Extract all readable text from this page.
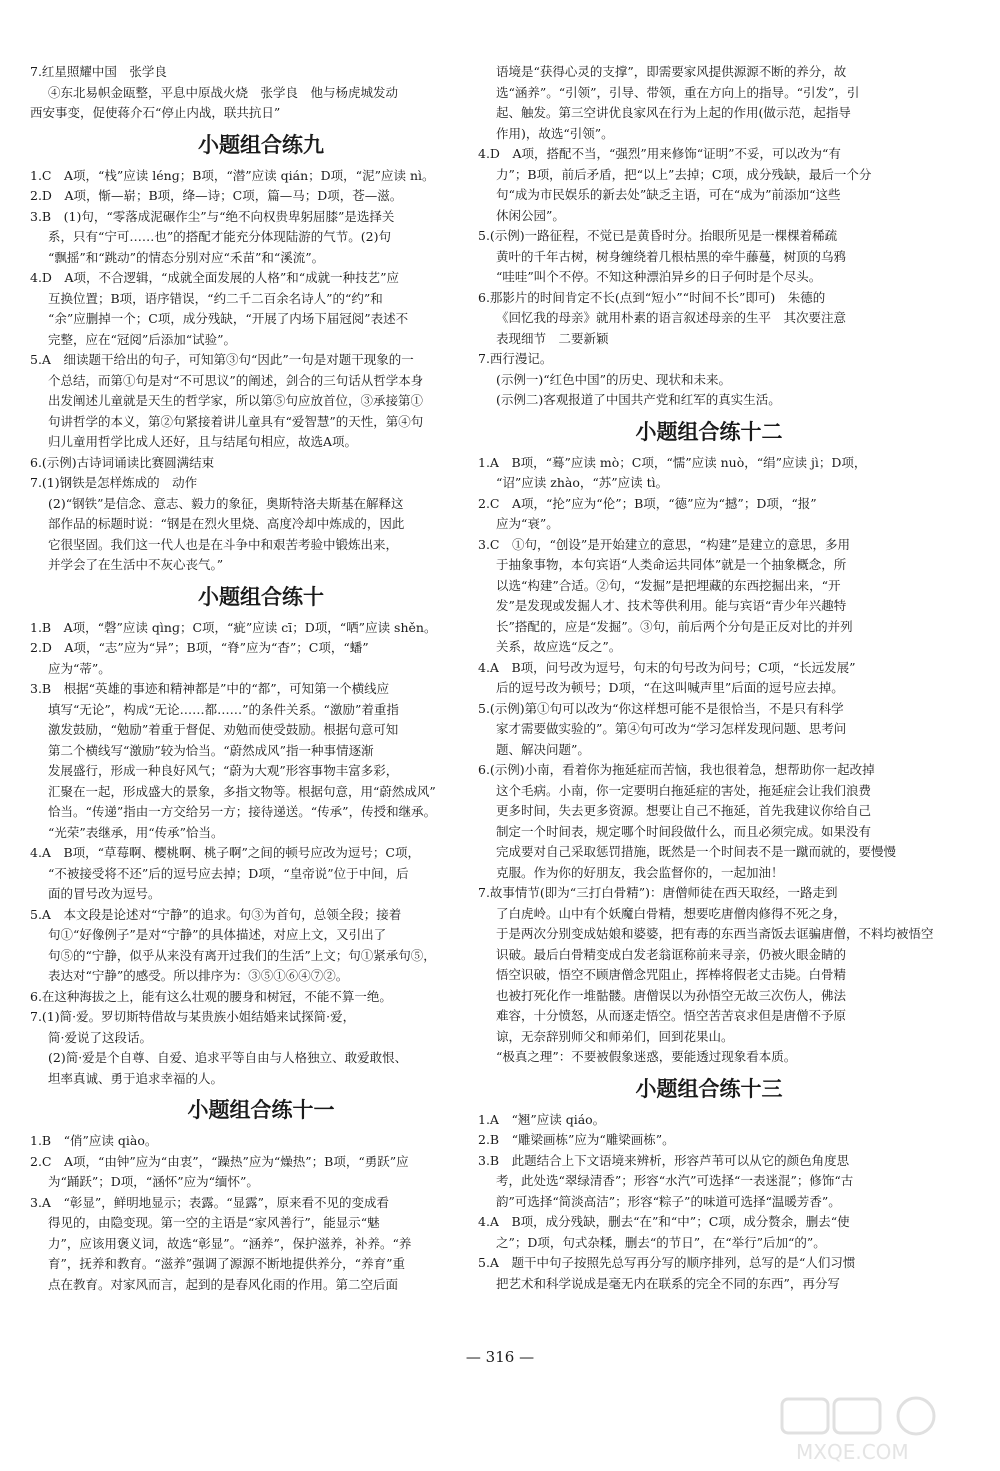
7.红星照耀中国　张学良
④东北易帜金瓯整，平息中原战火烧　张学良　他与杨虎城发动
西安事变，促使蒋介石“停止内战，联共抗日”
小题组合练九
1.C　A项，“栈”应读 lénɡ；B项，“潜”应读 qián；D项，“泥”应读 nì。
2.D　A项，惭—崭；B项，绛—诗；C项，篇—马；D项，苍—滋。
3.B　(1)句，“零落成泥碾作尘”与“绝不向权贵卑躬屈膝”是选择关
系，只有“宁可……也”的搭配才能充分体现陆游的气节。(2)句
“飘摇”和“跳动”的情态分别对应“禾苗”和“溪流”。
4.D　A项，不合逻辑，“成就全面发展的人格”和“成就一种技艺”应
互换位置；B项，语序错误，“约二千二百余名诗人”的“约”和
“余”应删掉一个；C项，成分残缺，“开展了内场下届冠阅”表述不
完整，应在“冠阅”后添加“试验”。
5.A　细读题干给出的句子，可知第③句“因此”一句是对题干现象的一
个总结，而第①句是对“不可思议”的阐述，剑合的三句话从哲学本身
出发阐述儿童就是天生的哲学家，所以第⑤句应放首位，③承接第①
句讲哲学的本义，第②句紧接着讲儿童具有“爱智慧”的天性，第④句
归儿童用哲学比成人还好，且与结尾句相应，故选A项。
6.(示例)古诗词诵读比赛圆满结束
7.(1)钢铁是怎样炼成的　动作
(2)“钢铁”是信念、意志、毅力的象征，奥斯特洛夫斯基在解释这
部作品的标题时说：“钢是在烈火里烧、高度冷却中炼成的，因此
它很坚固。我们这一代人也是在斗争中和艰苦考验中锻炼出来，
并学会了在生活中不灰心丧气。”
小题组合练十
1.B　A项，“磬”应读 qìnɡ；C项，“疵”应读 cī；D项，“哂”应读 shěn。
2.D　A项，“志”应为“异”；B项，“脊”应为“杳”；C项，“蟠”
应为“蒂”。
3.B　根据“英雄的事迹和精神都是”中的“都”，可知第一个横线应
填写“无论”，构成“无论……都……”的条件关系。“激励”着重指
激发鼓励，“勉励”着重于督促、劝勉而使受鼓励。根据句意可知
第二个横线写“激励”较为恰当。“蔚然成风”指一种事情逐渐
发展盛行，形成一种良好风气；“蔚为大观”形容事物丰富多彩，
汇聚在一起，形成盛大的景象，多指文物等。根据句意，用“蔚然成风”
恰当。“传递”指由一方交给另一方；接待递送。“传承”，传授和继承。
“光荣”表继承，用“传承”恰当。
4.A　B项，“草莓啊、樱桃啊、桃子啊”之间的顿号应改为逗号；C项，
“不被接受将不还”后的逗号应去掉；D项，“皇帝说”位于中间，后
面的冒号改为逗号。
5.A　本文段是论述对“宁静”的追求。句③为首句，总领全段；接着
句①“好像例子”是对“宁静”的具体描述，对应上文，又引出了
句⑤的“宁静，似乎从来没有离开过我们的生活”上文；句①紧承句⑤，
表达对“宁静”的感受。所以排序为：③⑤①⑥④⑦②。
6.在这种海拔之上，能有这么壮观的腰身和树冠，不能不算一绝。
7.(1)简·爱。罗切斯特借故与某贵族小姐结婚来试探简·爱，
简·爱说了这段话。
(2)简·爱是个自尊、自爱、追求平等自由与人格独立、敢爱敢恨、
坦率真诚、勇于追求幸福的人。
小题组合练十一
1.B　“俏”应读 qiào。
2.C　A项，“由钟”应为“由衷”，“躁热”应为“燥热”；B项，“勇跃”应
为“踊跃”；D项，“涵怀”应为“缅怀”。
3.A　“彰显”，鲜明地显示；表露。“显露”，原来看不见的变成看
得见的，由隐变现。第一空的主语是“家风善行”，能显示“魅
力”，应该用褒义词，故选“彰显”。“涵养”，保护滋养，补养。“养
育”，抚养和教育。“滋养”强调了源源不断地提供养分，“养育”重
点在教育。对家风而言，起到的是春风化雨的作用。第二空后面
语境是“获得心灵的支撑”，即需要家风提供源源不断的养分，故
选“涵养”。“引领”，引导、带领，重在方向上的指导。“引发”，引
起、触发。第三空讲优良家风在行为上起的作用(做示范，起指导
作用)，故选“引领”。
4.D　A项，搭配不当，“强烈”用来修饰“证明”不妥，可以改为“有
力”；B项，前后矛盾，把“以上”去掉；C项，成分残缺，最后一个分
句“成为市民娱乐的新去处”缺乏主语，可在“成为”前添加“这些
休闲公园”。
5.(示例)一路征程，不觉已是黄昏时分。抬眼所见是一棵棵着稀疏
黄叶的千年古树，树身缠绕着几根枯黑的牵牛藤蔓，树顶的乌鸦
“哇哇”叫个不停。不知这种漂泊异乡的日子何时是个尽头。
6.那影片的时间肯定不长(点到“短小”“时间不长”即可)　朱德的
《回忆我的母亲》就用朴素的语言叙述母亲的生平　其次要注意
表现细节　二要新颖
7.西行漫记。
(示例一)“红色中国”的历史、现状和未来。
(示例二)客观报道了中国共产党和红军的真实生活。
小题组合练十二
1.A　B项，“蓦”应读 mò；C项，“懦”应读 nuò，“绢”应读 jì；D项，
“诏”应读 zhào，“苏”应读 tì。
2.C　A项，“抡”应为“伦”；B项，“德”应为“撼”；D项，“报”
应为“衰”。
3.C　①句，“创设”是开始建立的意思，“构建”是建立的意思，多用
于抽象事物，本句宾语“人类命运共同体”就是一个抽象概念，所
以选“构建”合适。②句，“发掘”是把埋藏的东西挖掘出来，“开
发”是发现或发掘人才、技术等供利用。能与宾语“青少年兴趣特
长”搭配的，应是“发掘”。③句，前后两个分句是正反对比的并列
关系，故应选“反之”。
4.A　B项，问号改为逗号，句末的句号改为问号；C项，“长远发展”
后的逗号改为顿号；D项，“在这叫喊声里”后面的逗号应去掉。
5.(示例)第①句可以改为“你这样想可能不是很恰当，不是只有科学
家才需要做实验的”。第④句可改为“学习怎样发现问题、思考问
题、解决问题”。
6.(示例)小南，看着你为拖延症而苦恼，我也很着急，想帮助你一起改掉
这个毛病。小南，你一定要明白拖延症的害处，拖延症会让我们浪费
更多时间，失去更多资源。想要让自己不拖延，首先我建议你给自己
制定一个时间表，规定哪个时间段做什么，而且必须完成。如果没有
完成要对自己采取惩罚措施，既然是一个时间表不是一蹴而就的，要慢慢
克服。作为你的好朋友，我会监督你的，一起加油！
7.故事情节(即为“三打白骨精”)：唐僧师徒在西天取经，一路走到
了白虎岭。山中有个妖魔白骨精，想要吃唐僧肉修得不死之身，
于是两次分别变成姑娘和婆婆，把有毒的东西当斋饭去诓骗唐僧，不料均被悟空
识破。最后白骨精变成白发老翁诓称前来寻亲，仍被火眼金睛的
悟空识破，悟空不顾唐僧念咒阻止，挥棒将假老丈击毙。白骨精
也被打死化作一堆骷髅。唐僧误以为孙悟空无故三次伤人，佛法
难容，十分愤怒，从而逐走悟空。悟空苦苦哀求但是唐僧不予原
谅，无奈辞别师父和师弟们，回到花果山。
“极真之理”：不要被假象迷惑，要能透过现象看本质。
小题组合练十三
1.A　“翘”应读 qiáo。
2.B　“雕梁画栋”应为“雕梁画栋”。
3.B　此题结合上下文语境来辨析，形容芦苇可以从它的颜色角度思
考，此处选“翠绿清香”；形容“水汽”可选择“一表迷混”；修饰“古
韵”可选择“简淡高洁”；形容“粽子”的味道可选择“温暖芳香”。
4.A　B项，成分残缺，删去“在”和“中”；C项，成分赘余，删去“使
之”；D项，句式杂糅，删去“的节日”，在“举行”后加“的”。
5.A　题干中句子按照先总写再分写的顺序排列，总写的是“人们习惯
把艺术和科学说成是毫无内在联系的完全不同的东西”，再分写
— 316 —
MXQE.COM
